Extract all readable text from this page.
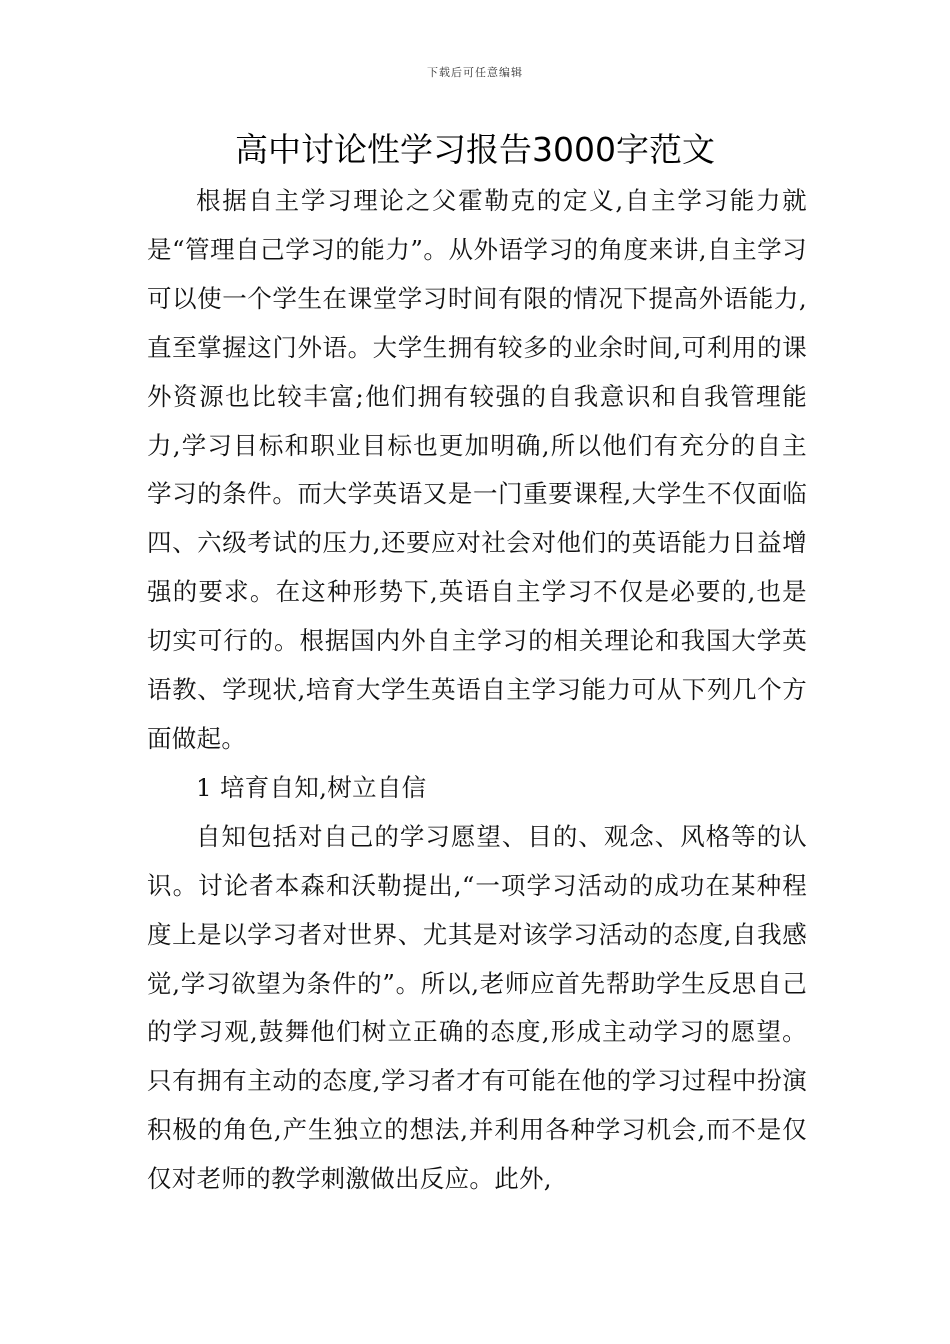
下载后可任意编辑
高中讨论性学习报告3000字范文

根据自主学习理论之父霍勒克的定义,自主学习能力就是“管理自己学习的能力”。从外语学习的角度来讲,自主学习可以使一个学生在课堂学习时间有限的情况下提高外语能力,直至掌握这门外语。大学生拥有较多的业余时间,可利用的课外资源也比较丰富;他们拥有较强的自我意识和自我管理能力,学习目标和职业目标也更加明确,所以他们有充分的自主学习的条件。而大学英语又是一门重要课程,大学生不仅面临四、六级考试的压力,还要应对社会对他们的英语能力日益增强的要求。在这种形势下,英语自主学习不仅是必要的,也是切实可行的。根据国内外自主学习的相关理论和我国大学英语教、学现状,培育大学生英语自主学习能力可从下列几个方面做起。

1 培育自知,树立自信

自知包括对自己的学习愿望、目的、观念、风格等的认识。讨论者本森和沃勒提出,“一项学习活动的成功在某种程度上是以学习者对世界、尤其是对该学习活动的态度,自我感觉,学习欲望为条件的”。所以,老师应首先帮助学生反思自己的学习观,鼓舞他们树立正确的态度,形成主动学习的愿望。只有拥有主动的态度,学习者才有可能在他的学习过程中扮演积极的角色,产生独立的想法,并利用各种学习机会,而不是仅仅对老师的教学刺激做出反应。此外,
